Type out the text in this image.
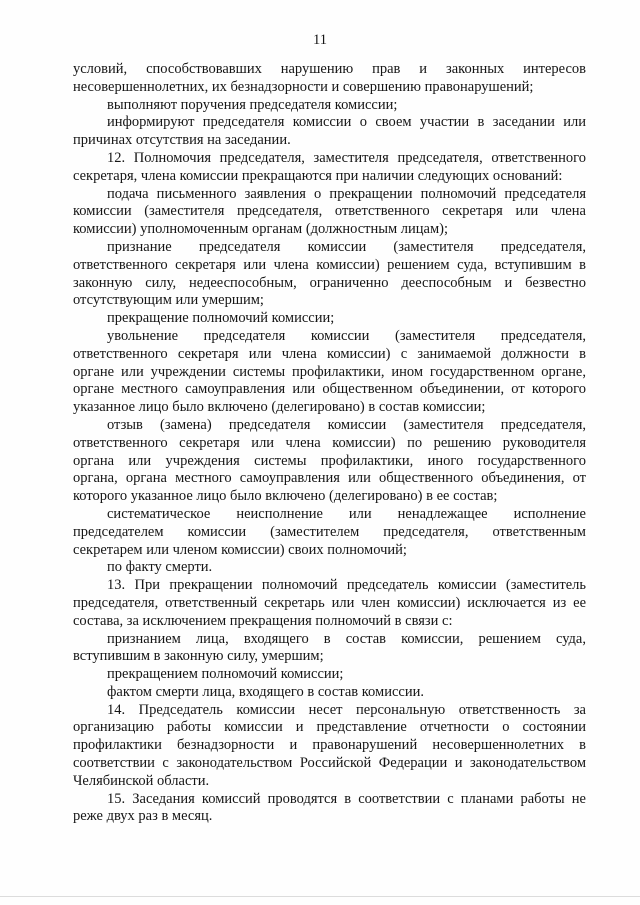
11
условий, способствовавших нарушению прав и законных интересов
несовершеннолетних, их безнадзорности и совершению правонарушений;
выполняют поручения председателя комиссии;
информируют председателя комиссии о своем участии в заседании или
причинах отсутствия на заседании.
12. Полномочия председателя, заместителя председателя, ответственного
секретаря, члена комиссии прекращаются при наличии следующих оснований:
подача письменного заявления о прекращении полномочий председателя
комиссии (заместителя председателя, ответственного секретаря или члена
комиссии) уполномоченным органам (должностным лицам);
признание председателя комиссии (заместителя председателя,
ответственного секретаря или члена комиссии) решением суда, вступившим в
законную силу, недееспособным, ограниченно дееспособным и безвестно
отсутствующим или умершим;
прекращение полномочий комиссии;
увольнение председателя комиссии (заместителя председателя,
ответственного секретаря или члена комиссии) с занимаемой должности в
органе или учреждении системы профилактики, ином государственном органе,
органе местного самоуправления или общественном объединении, от которого
указанное лицо было включено (делегировано) в состав комиссии;
отзыв (замена) председателя комиссии (заместителя председателя,
ответственного секретаря или члена комиссии) по решению руководителя
органа или учреждения системы профилактики, иного государственного
органа, органа местного самоуправления или общественного объединения, от
которого указанное лицо было включено (делегировано) в ее состав;
систематическое неисполнение или ненадлежащее исполнение
председателем комиссии (заместителем председателя, ответственным
секретарем или членом комиссии) своих полномочий;
по факту смерти.
13. При прекращении полномочий председатель комиссии (заместитель
председателя, ответственный секретарь или член комиссии) исключается из ее
состава, за исключением прекращения полномочий в связи с:
признанием лица, входящего в состав комиссии, решением суда,
вступившим в законную силу, умершим;
прекращением полномочий комиссии;
фактом смерти лица, входящего в состав комиссии.
14. Председатель комиссии несет персональную ответственность за
организацию работы комиссии и представление отчетности о состоянии
профилактики безнадзорности и правонарушений несовершеннолетних в
соответствии с законодательством Российской Федерации и законодательством
Челябинской области.
15. Заседания комиссий проводятся в соответствии с планами работы не
реже двух раз в месяц.
